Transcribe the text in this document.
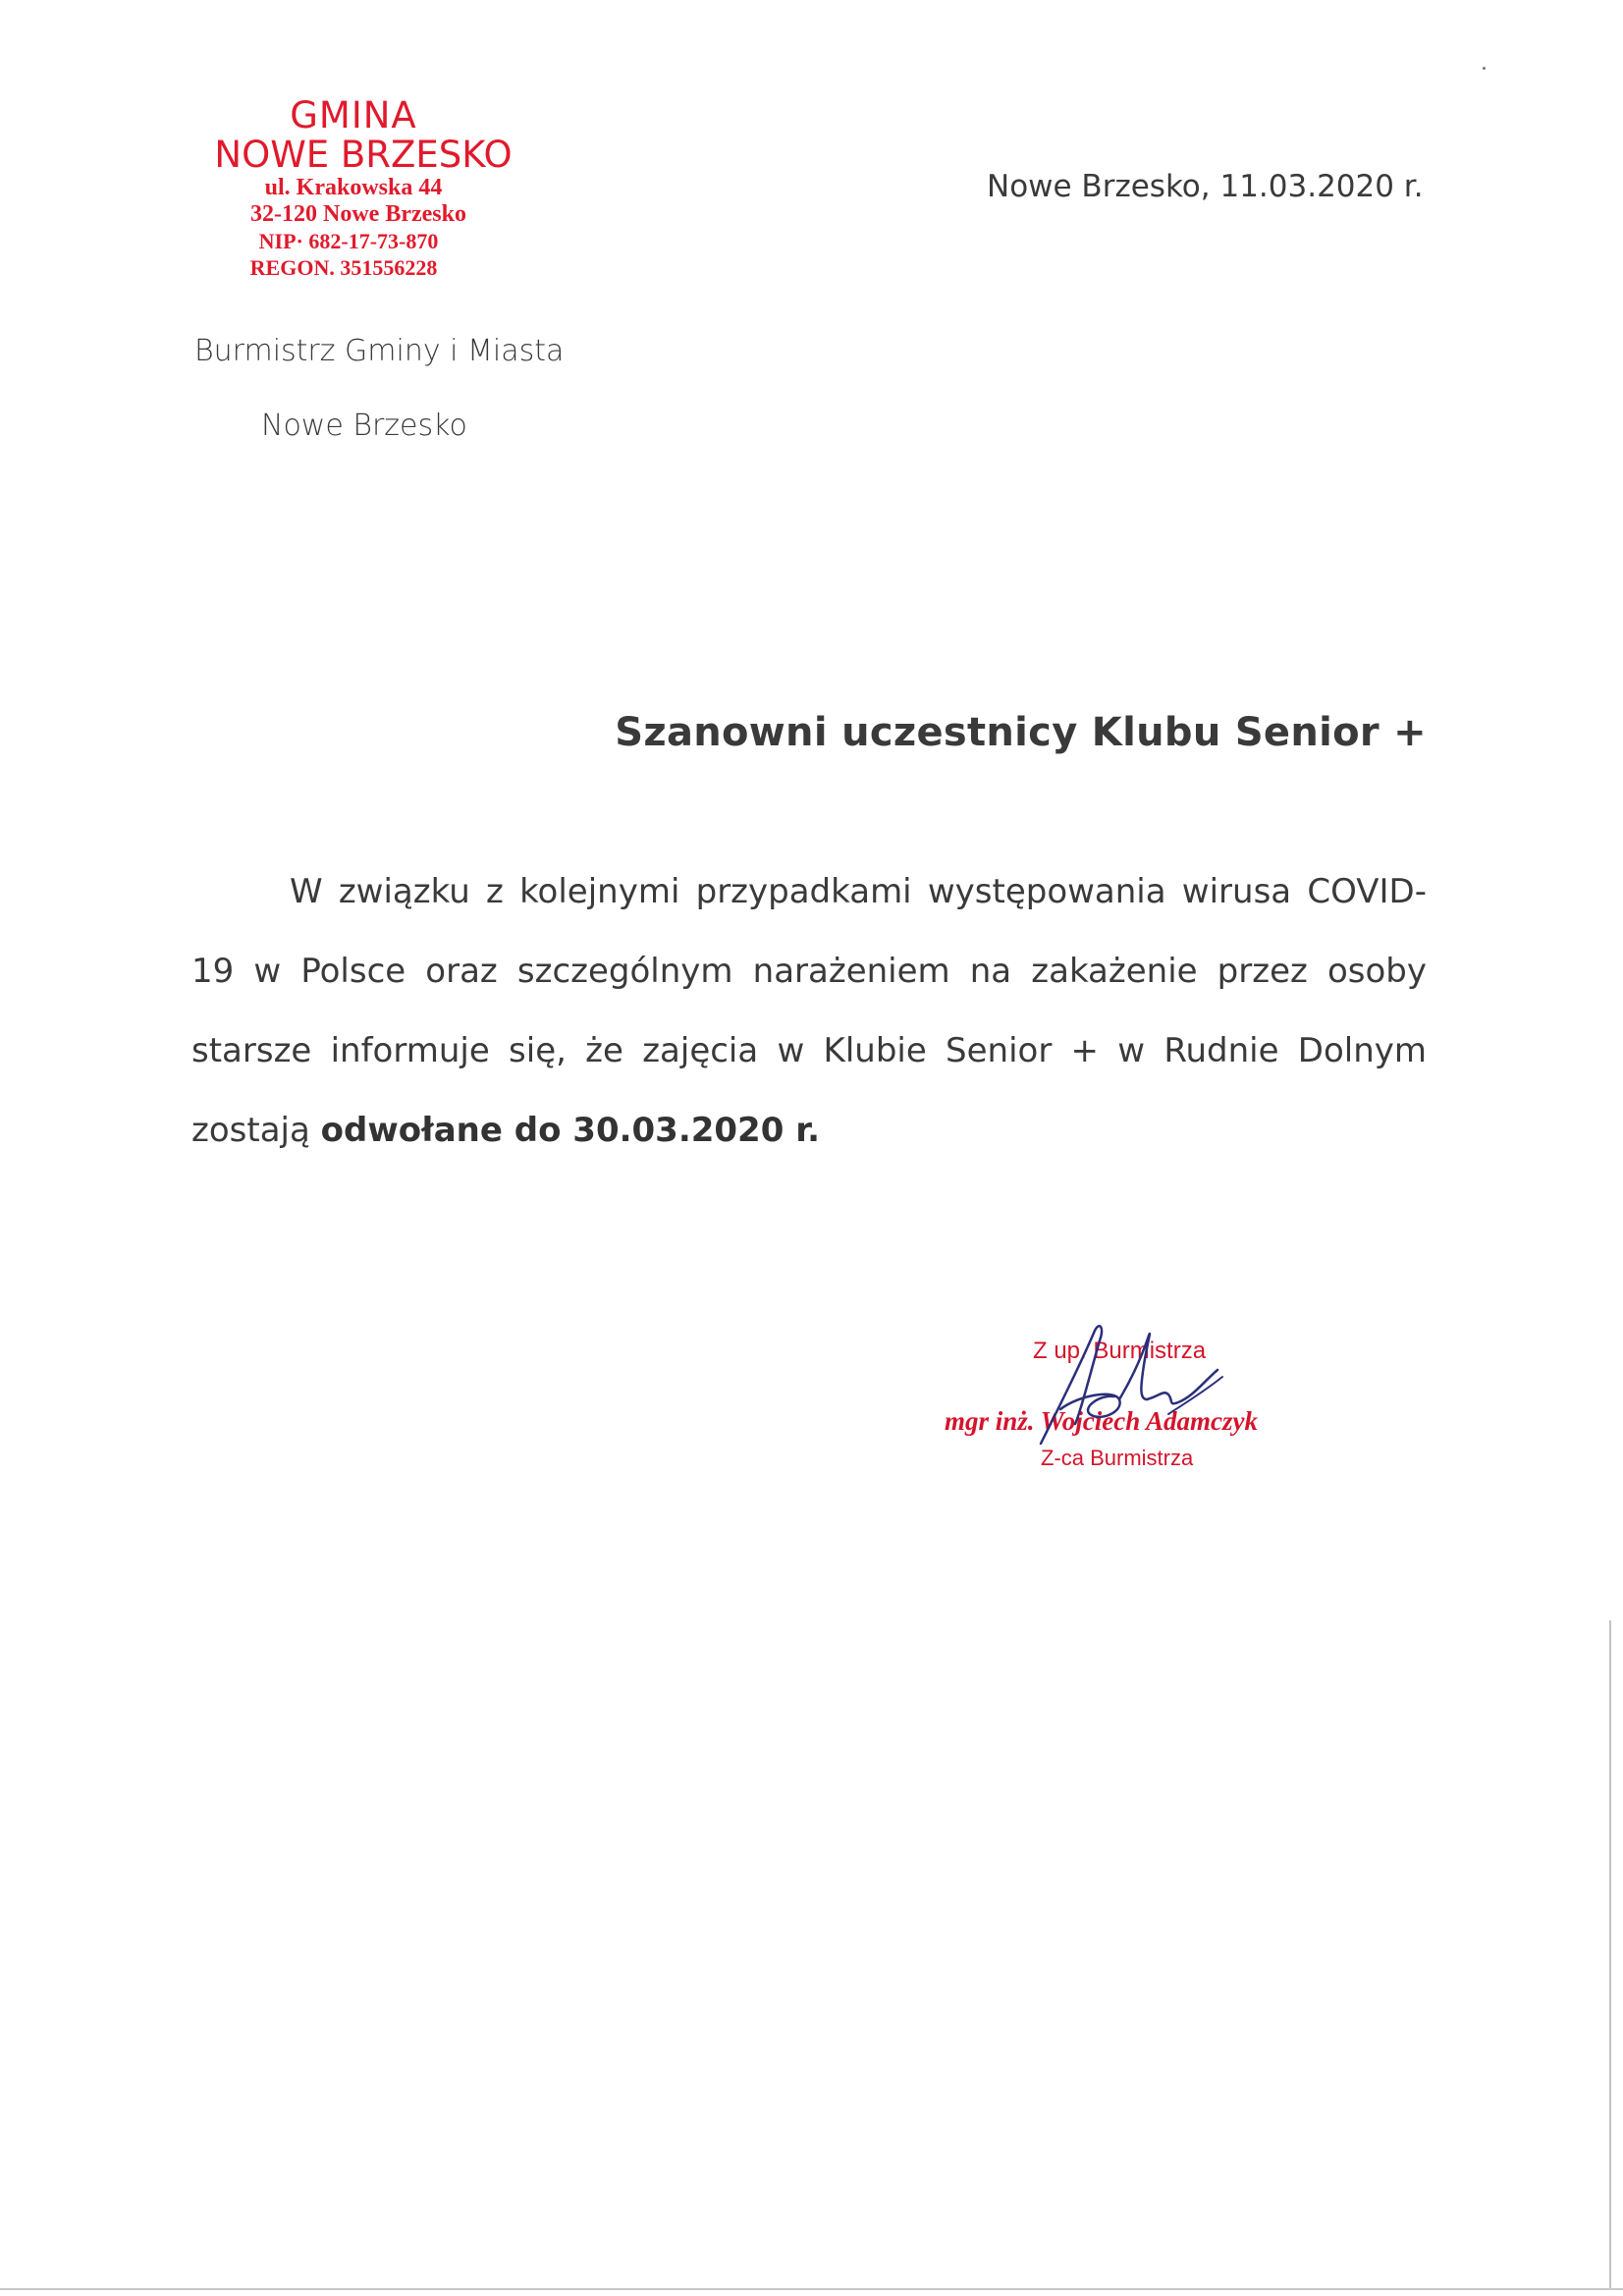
GMINA
NOWE BRZESKO
ul. Krakowska 44
32-120 Nowe Brzesko
NIP· 682-17-73-870
REGON. 351556228
Burmistrz Gminy i Miasta
Nowe Brzesko
Nowe Brzesko, 11.03.2020 r.
Szanowni uczestnicy Klubu Senior +
W związku z kolejnymi przypadkami występowania wirusa COVID-19 w Polsce oraz szczególnym narażeniem na zakażenie przez osoby starsze informuje się, że zajęcia w Klubie Senior + w Rudnie Dolnym zostają odwołane do 30.03.2020 r.
Z up. Burmistrza
mgr inż. Wojciech Adamczyk
Z-ca Burmistrza
